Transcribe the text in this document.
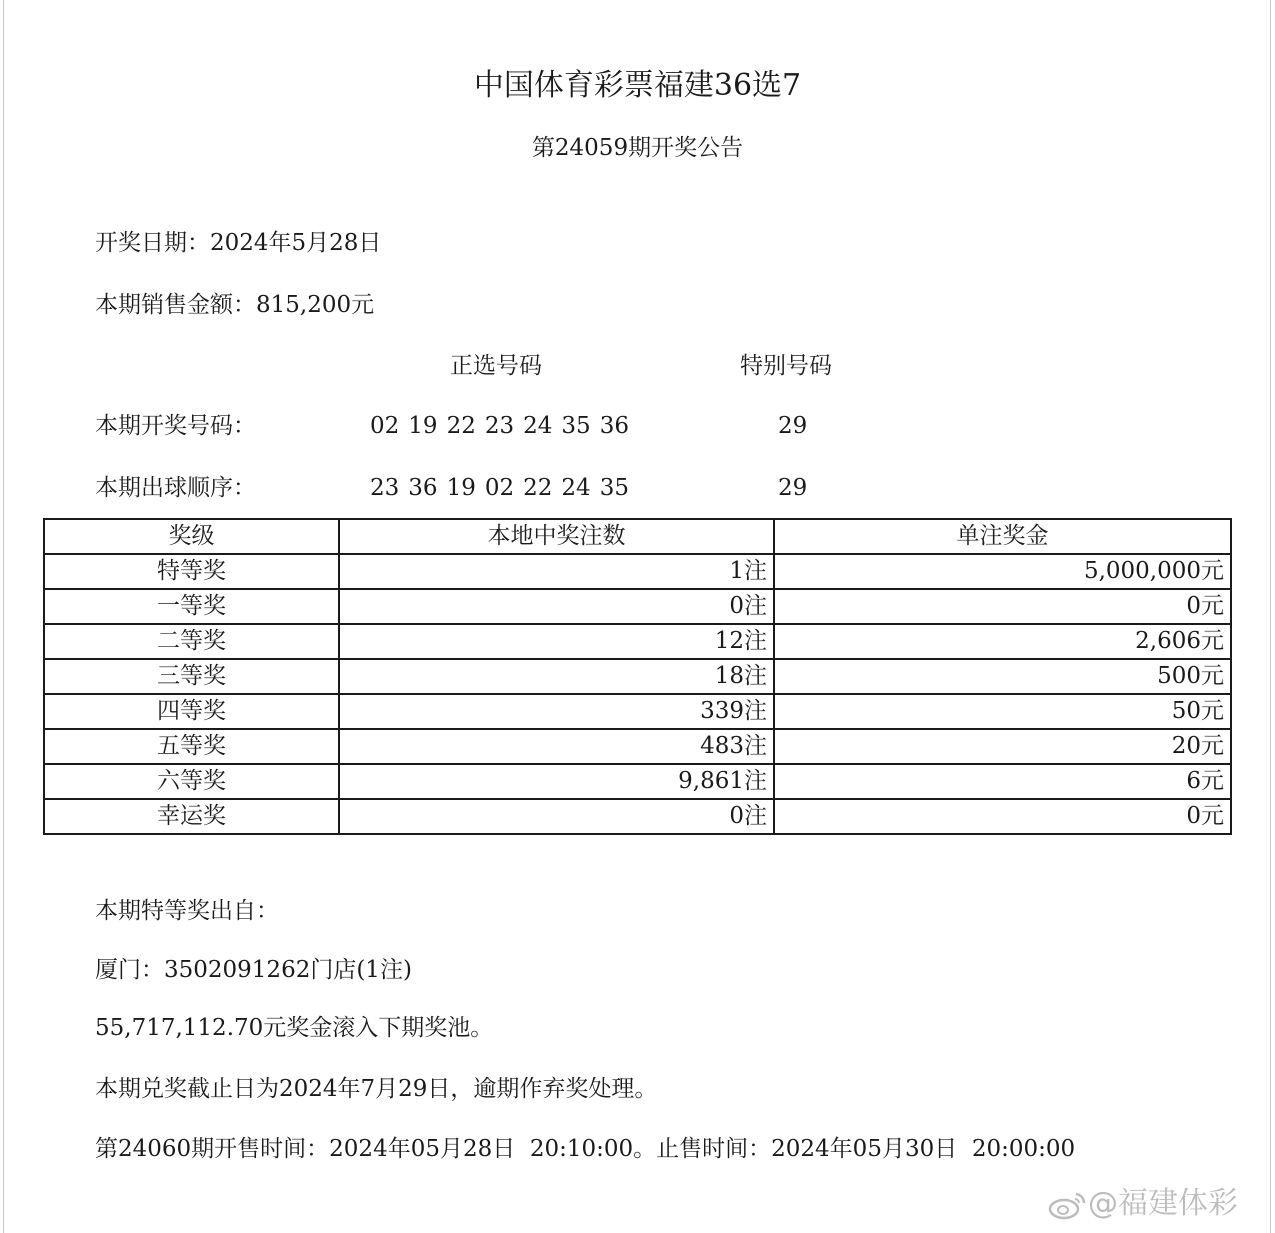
中国体育彩票福建36选7
第24059期开奖公告
开奖日期：2024年5月28日
本期销售金额：815,200元
正选号码	特别号码
本期开奖号码：	02 19 22 23 24 35 36	29
本期出球顺序：	23 36 19 02 22 24 35	29
奖级	本地中奖注数	单注奖金
特等奖	1注	5,000,000元
一等奖	0注	0元
二等奖	12注	2,606元
三等奖	18注	500元
四等奖	339注	50元
五等奖	483注	20元
六等奖	9,861注	6元
幸运奖	0注	0元
本期特等奖出自：
厦门：3502091262门店(1注)
55,717,112.70元奖金滚入下期奖池。
本期兑奖截止日为2024年7月29日，逾期作弃奖处理。
第24060期开售时间：2024年05月28日  20:10:00。止售时间：2024年05月30日  20:00:00
@福建体彩
